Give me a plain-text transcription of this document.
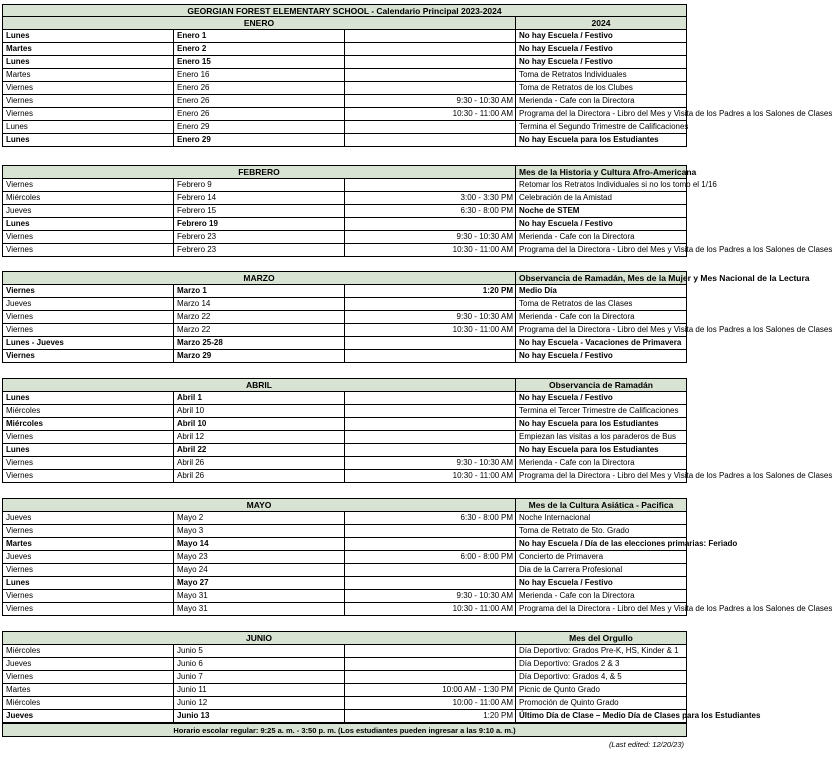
GEORGIAN FOREST ELEMENTARY SCHOOL - Calendario Principal 2023-2024
ENERO			2024
Lunes	Enero 1		No hay Escuela / Festivo
Martes	Enero 2		No hay Escuela / Festivo
Lunes	Enero 15		No hay Escuela / Festivo
Martes	Enero 16		Toma de Retratos Individuales
Viernes	Enero 26		Toma de Retratos de los Clubes
Viernes	Enero 26	9:30 - 10:30 AM	Merienda - Cafe con la Directora
Viernes	Enero 26	10:30 - 11:00 AM	Programa del la Directora - Libro del Mes y Visita de los Padres a los Salones de Clases
Lunes	Enero 29		Termina el Segundo Trimestre de Calificaciones
Lunes	Enero 29		No hay Escuela para los Estudiantes
FEBRERO			Mes de la Historia y Cultura Afro-Americana
Viernes	Febrero 9		Retomar los Retratos Individuales si no los tomo el 1/16
Miércoles	Febrero 14	3:00 - 3:30 PM	Celebración de la Amistad
Jueves	Febrero 15	6:30 - 8:00 PM	Noche de STEM
Lunes	Febrero 19		No hay Escuela / Festivo
Viernes	Febrero 23	9:30 - 10:30 AM	Merienda - Cafe con la Directora
Viernes	Febrero 23	10:30 - 11:00 AM	Programa del la Directora - Libro del Mes y Visita de los Padres a los Salones de Clases
MARZO			Observancia de Ramadán, Mes de la Mujer y Mes Nacional de la Lectura
Viernes	Marzo 1	1:20 PM	Medio Día
Jueves	Marzo 14		Toma de Retratos de las Clases
Viernes	Marzo 22	9:30 - 10:30 AM	Merienda - Cafe con la Directora
Viernes	Marzo 22	10:30 - 11:00 AM	Programa del la Directora - Libro del Mes y Visita de los Padres a los Salones de Clases
Lunes - Jueves	Marzo 25-28		No hay Escuela - Vacaciones de Primavera
Viernes	Marzo 29		No hay Escuela / Festivo
ABRIL			Observancia de Ramadán
Lunes	Abril 1		No hay Escuela / Festivo
Miércoles	Abril 10		Termina el Tercer Trimestre de Calificaciones
Miércoles	Abril 10		No hay Escuela para los Estudiantes
Viernes	Abril 12		Empiezan las visitas a los paraderos de Bus
Lunes	Abril 22		No hay Escuela para los Estudiantes
Viernes	Abril 26	9:30 - 10:30 AM	Merienda - Cafe con la Directora
Viernes	Abril 26	10:30 - 11:00 AM	Programa del la Directora - Libro del Mes y Visita de los Padres a los Salones de Clases
MAYO			Mes de la Cultura Asiática - Pacifica
Jueves	Mayo 2	6:30 - 8:00 PM	Noche Internacional
Viernes	Mayo 3		Toma de Retrato de 5to. Grado
Martes	Mayo 14		No hay Escuela / Día de las elecciones primarias: Feriado
Jueves	Mayo 23	6:00 - 8:00 PM	Concierto de Primavera
Viernes	Mayo 24		Dia de la Carrera Profesional
Lunes	Mayo 27		No hay Escuela / Festivo
Viernes	Mayo 31	9:30 - 10:30 AM	Merienda - Cafe con la Directora
Viernes	Mayo 31	10:30 - 11:00 AM	Programa del la Directora - Libro del Mes y Visita de los Padres a los Salones de Clases
JUNIO			Mes del Orgullo
Miércoles	Junio 5		Día Deportivo: Grados Pre-K, HS, Kinder & 1
Jueves	Junio 6		Día Deportivo: Grados 2 & 3
Viernes	Junio 7		Día Deportivo: Grados 4, & 5
Martes	Junio 11	10:00 AM - 1:30 PM	Picnic de Qunto Grado
Miércoles	Junio 12	10:00 - 11:00 AM	Promoción de Quinto Grado
Jueves	Junio 13	1:20 PM	Último Día de Clase – Medio Día de Clases para los Estudiantes
Horario escolar regular: 9:25 a. m. - 3:50 p. m. (Los estudiantes pueden ingresar a las 9:10 a. m.)
(Last edited: 12/20/23)
